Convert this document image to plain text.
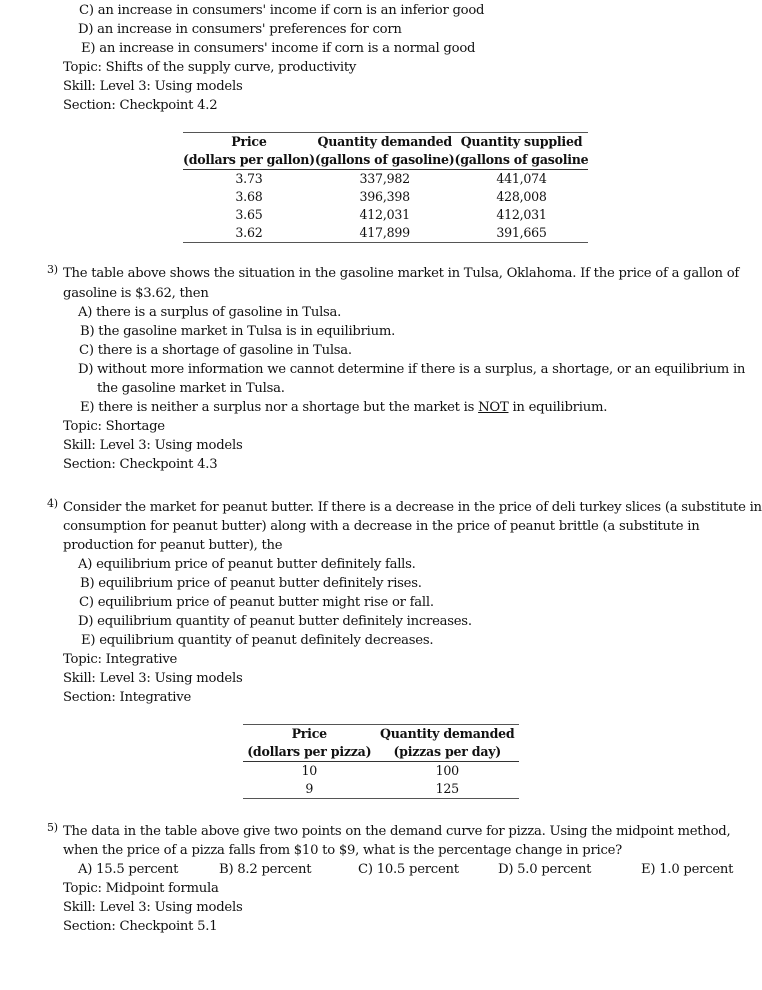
C) an increase in consumers' income if corn is an inferior good
D) an increase in consumers' preferences for corn
E) an increase in consumers' income if corn is a normal good
Topic: Shifts of the supply curve, productivity
Skill: Level 3: Using models
Section: Checkpoint 4.2
Price	Quantity demanded	Quantity supplied
(dollars per gallon)	(gallons of gasoline)	(gallons of gasoline
3.73	337,982	441,074
3.68	396,398	428,008
3.65	412,031	412,031
3.62	417,899	391,665
3) The table above shows the situation in the gasoline market in Tulsa, Oklahoma. If the price of a gallon of
gasoline is $3.62, then
A) there is a surplus of gasoline in Tulsa.
B) the gasoline market in Tulsa is in equilibrium.
C) there is a shortage of gasoline in Tulsa.
D) without more information we cannot determine if there is a surplus, a shortage, or an equilibrium in
the gasoline market in Tulsa.
E) there is neither a surplus nor a shortage but the market is NOT in equilibrium.
Topic: Shortage
Skill: Level 3: Using models
Section: Checkpoint 4.3
4) Consider the market for peanut butter. If there is a decrease in the price of deli turkey slices (a substitute in
consumption for peanut butter) along with a decrease in the price of peanut brittle (a substitute in
production for peanut butter), the
A) equilibrium price of peanut butter definitely falls.
B) equilibrium price of peanut butter definitely rises.
C) equilibrium price of peanut butter might rise or fall.
D) equilibrium quantity of peanut butter definitely increases.
E) equilibrium quantity of peanut definitely decreases.
Topic: Integrative
Skill: Level 3: Using models
Section: Integrative
Price	Quantity demanded
(dollars per pizza)	(pizzas per day)
10	100
9	125
5) The data in the table above give two points on the demand curve for pizza. Using the midpoint method,
when the price of a pizza falls from $10 to $9, what is the percentage change in price?
A) 15.5 percent	B) 8.2 percent	C) 10.5 percent	D) 5.0 percent	E) 1.0 percent
Topic: Midpoint formula
Skill: Level 3: Using models
Section: Checkpoint 5.1
